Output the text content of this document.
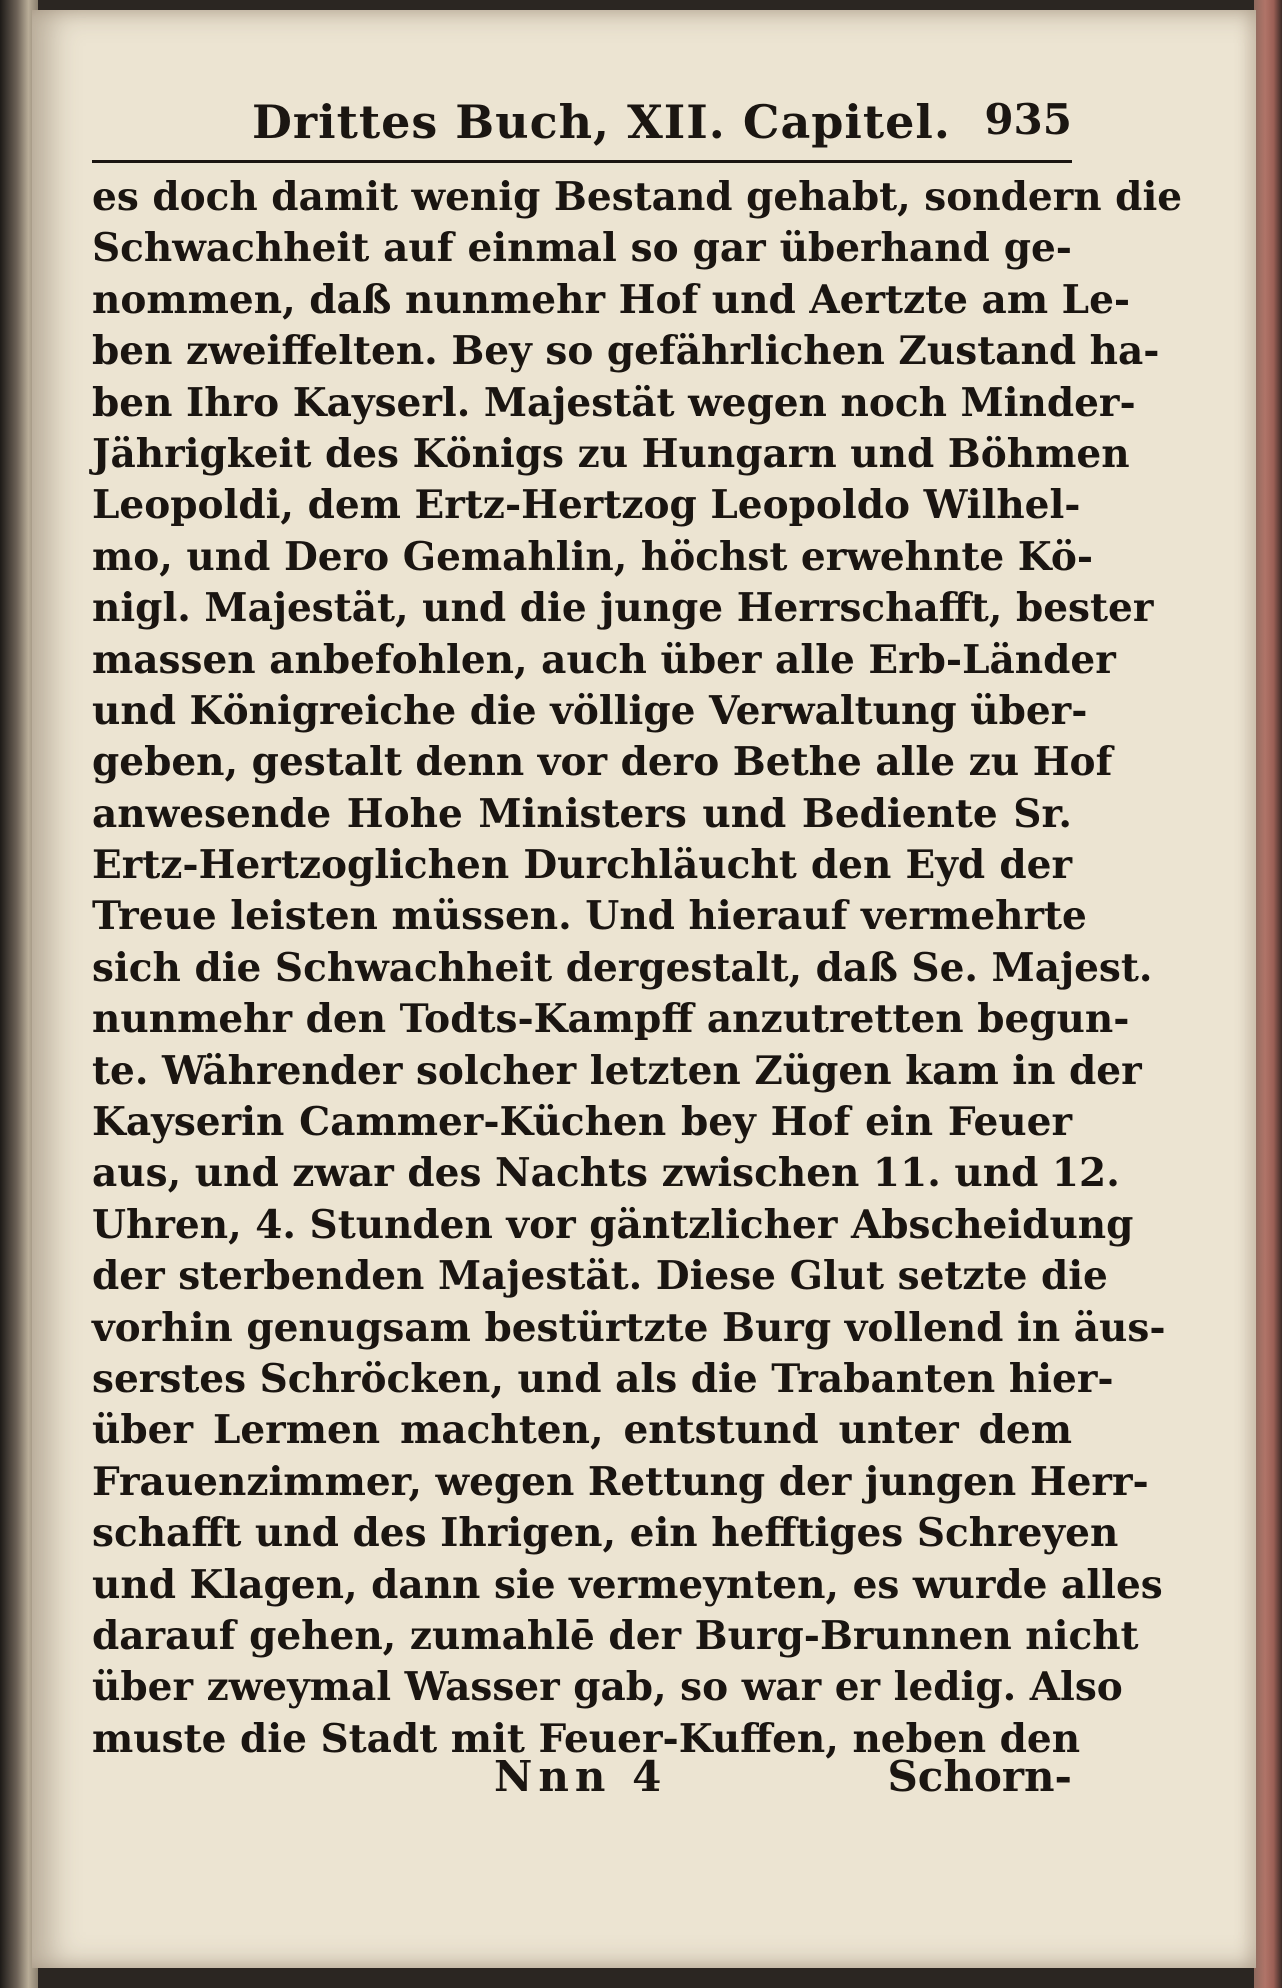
Drittes Buch, XII. Capitel. 935
es doch damit wenig Bestand gehabt, sondern die
Schwachheit auf einmal so gar überhand ge-
nommen, daß nunmehr Hof und Aertzte am Le-
ben zweiffelten. Bey so gefährlichen Zustand ha-
ben Ihro Kayserl. Majestät wegen noch Minder-
Jährigkeit des Königs zu Hungarn und Böhmen
Leopoldi, dem Ertz-Hertzog Leopoldo Wilhel-
mo, und Dero Gemahlin, höchst erwehnte Kö-
nigl. Majestät, und die junge Herrschafft, bester
massen anbefohlen, auch über alle Erb-Länder
und Königreiche die völlige Verwaltung über-
geben, gestalt denn vor dero Bethe alle zu Hof
anwesende Hohe Ministers und Bediente Sr.
Ertz-Hertzoglichen Durchläucht den Eyd der
Treue leisten müssen. Und hierauf vermehrte
sich die Schwachheit dergestalt, daß Se. Majest.
nunmehr den Todts-Kampff anzutretten begun-
te. Währender solcher letzten Zügen kam in der
Kayserin Cammer-Küchen bey Hof ein Feuer
aus, und zwar des Nachts zwischen 11. und 12.
Uhren, 4. Stunden vor gäntzlicher Abscheidung
der sterbenden Majestät. Diese Glut setzte die
vorhin genugsam bestürtzte Burg vollend in äus-
serstes Schröcken, und als die Trabanten hier-
über Lermen machten, entstund unter dem
Frauenzimmer, wegen Rettung der jungen Herr-
schafft und des Ihrigen, ein hefftiges Schreyen
und Klagen, dann sie vermeynten, es wurde alles
darauf gehen, zumahlē der Burg-Brunnen nicht
über zweymal Wasser gab, so war er ledig. Also
muste die Stadt mit Feuer-Kuffen, neben den
Nnn 4	Schorn-
